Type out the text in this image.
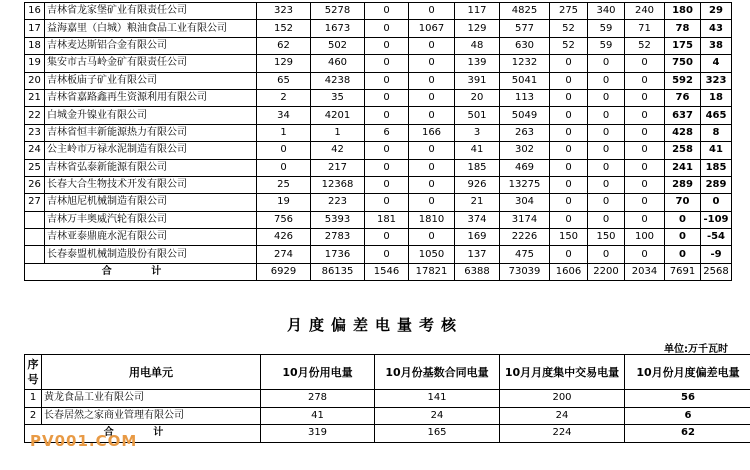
16	吉林省龙家堡矿业有限责任公司	323	5278	0	0	117	4825	275	340	240	180	29
17	益海嘉里（白城）粮油食品工业有限公司	152	1673	0	1067	129	577	52	59	71	78	43
18	吉林麦达斯铝合金有限公司	62	502	0	0	48	630	52	59	52	175	38
19	集安市古马岭金矿有限责任公司	129	460	0	0	139	1232	0	0	0	750	4
20	吉林板庙子矿业有限公司	65	4238	0	0	391	5041	0	0	0	592	323
21	吉林省嘉路鑫再生资源利用有限公司	2	35	0	0	20	113	0	0	0	76	18
22	白城金升镍业有限公司	34	4201	0	0	501	5049	0	0	0	637	465
23	吉林省恒丰新能源热力有限公司	1	1	6	166	3	263	0	0	0	428	8
24	公主岭市万禄水泥制造有限公司	0	42	0	0	41	302	0	0	0	258	41
25	吉林省弘泰新能源有限公司	0	217	0	0	185	469	0	0	0	241	185
26	长春大合生物技术开发有限公司	25	12368	0	0	926	13275	0	0	0	289	289
27	吉林旭尼机械制造有限公司	19	223	0	0	21	304	0	0	0	70	0
	吉林万丰奥威汽轮有限公司	756	5393	181	1810	374	3174	0	0	0	0	-109
	吉林亚泰鼎鹿水泥有限公司	426	2783	0	0	169	2226	150	150	100	0	-54
	长春泰盟机械制造股份有限公司	274	1736	0	1050	137	475	0	0	0	0	-9
合 计		6929	86135	1546	17821	6388	73039	1606	2200	2034	7691	2568
月度偏差电量考核
单位:万千瓦时
序号	用电单元	10月份用电量	10月份基数合同电量	10月月度集中交易电量	10月份月度偏差电量
1	黄龙食品工业有限公司	278	141	200	56
2	长春居然之家商业管理有限公司	41	24	24	6
合 计		319	165	224	62
PV001.COM
